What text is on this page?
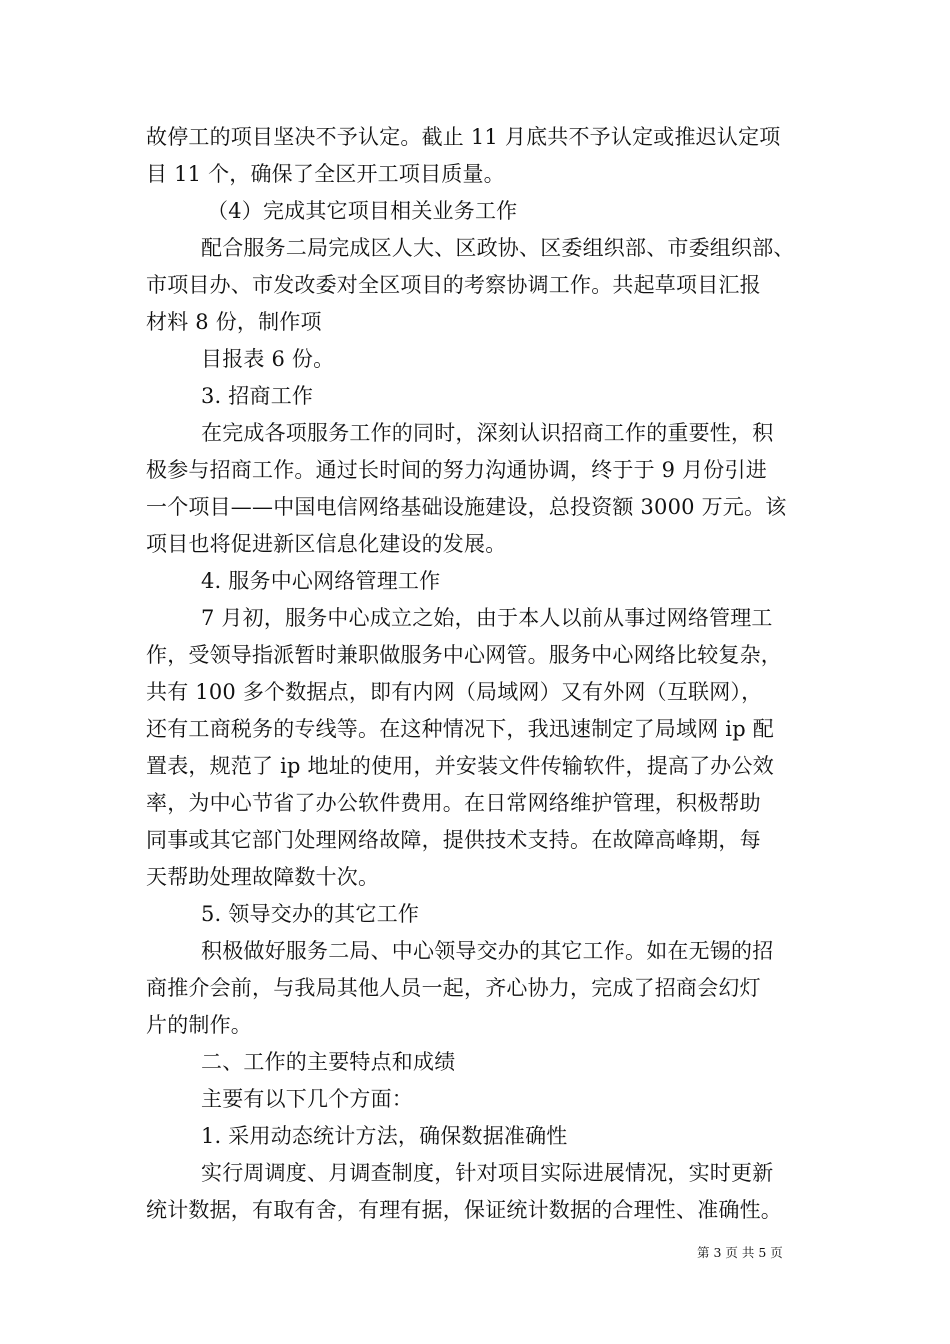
故停工的项目坚决不予认定。截止 11 月底共不予认定或推迟认定项
目 11 个，确保了全区开工项目质量。
（4）完成其它项目相关业务工作
配合服务二局完成区人大、区政协、区委组织部、市委组织部、
市项目办、市发改委对全区项目的考察协调工作。共起草项目汇报
材料 8 份，制作项
目报表 6 份。
3. 招商工作
在完成各项服务工作的同时，深刻认识招商工作的重要性，积
极参与招商工作。通过长时间的努力沟通协调，终于于 9 月份引进
一个项目——中国电信网络基础设施建设，总投资额 3000 万元。该
项目也将促进新区信息化建设的发展。
4. 服务中心网络管理工作
7 月初，服务中心成立之始，由于本人以前从事过网络管理工
作，受领导指派暂时兼职做服务中心网管。服务中心网络比较复杂，
共有 100 多个数据点，即有内网（局域网）又有外网（互联网），
还有工商税务的专线等。在这种情况下，我迅速制定了局域网 ip 配
置表，规范了 ip 地址的使用，并安装文件传输软件，提高了办公效
率，为中心节省了办公软件费用。在日常网络维护管理，积极帮助
同事或其它部门处理网络故障，提供技术支持。在故障高峰期，每
天帮助处理故障数十次。
5. 领导交办的其它工作
积极做好服务二局、中心领导交办的其它工作。如在无锡的招
商推介会前，与我局其他人员一起，齐心协力，完成了招商会幻灯
片的制作。
二、工作的主要特点和成绩
主要有以下几个方面：
1. 采用动态统计方法，确保数据准确性
实行周调度、月调查制度，针对项目实际进展情况，实时更新
统计数据，有取有舍，有理有据，保证统计数据的合理性、准确性。
第 3 页 共 5 页
